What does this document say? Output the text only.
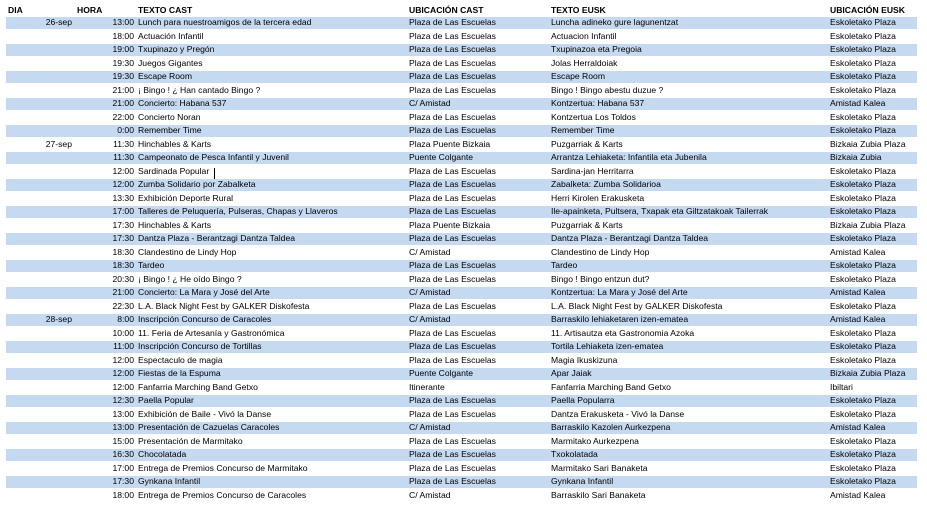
DIA	HORA	TEXTO CAST	UBICACIÓN CAST	TEXTO EUSK	UBICACIÓN EUSK
26-sep	13:00 Lunch para nuestroamigos de la tercera edad	Plaza de Las Escuelas	Luncha adineko gure lagunentzat	Eskoletako Plaza
18:00 Actuación Infantil	Plaza de Las Escuelas	Actuacion Infantil	Eskoletako Plaza
19:00 Txupinazo y Pregón	Plaza de Las Escuelas	Txupinazoa eta Pregoia	Eskoletako Plaza
19:30 Juegos Gigantes	Plaza de Las Escuelas	Jolas Herraldoiak	Eskoletako Plaza
19:30 Escape Room	Plaza de Las Escuelas	Escape Room	Eskoletako Plaza
21:00 ¡ Bingo ! ¿ Han cantado Bingo ?	Plaza de Las Escuelas	Bingo ! Bingo abestu duzue ?	Eskoletako Plaza
21:00 Concierto: Habana 537	C/ Amistad	Kontzertua: Habana 537	Amistad Kalea
22:00 Concierto Noran	Plaza de Las Escuelas	Kontzertua Los Toldos	Eskoletako Plaza
0:00 Remember Time	Plaza de Las Escuelas	Remember Time	Eskoletako Plaza
27-sep	11:30 Hinchables & Karts	Plaza Puente Bizkaia	Puzgarriak & Karts	Bizkaia Zubia Plaza
11:30 Campeonato de Pesca Infantil y Juvenil	Puente Colgante	Arrantza Lehiaketa: Infantila eta Jubenila	Bizkaia Zubia
12:00 Sardinada Popular	Plaza de Las Escuelas	Sardina-jan Herritarra	Eskoletako Plaza
12:00 Zumba Solidario por Zabalketa	Plaza de Las Escuelas	Zabalketa: Zumba Solidarioa	Eskoletako Plaza
13:30 Exhibición Deporte Rural	Plaza de Las Escuelas	Herri Kirolen Erakusketa	Eskoletako Plaza
17:00 Talleres de Peluquería, Pulseras, Chapas y Llaveros	Plaza de Las Escuelas	Ile-apainketa, Pultsera, Txapak eta Giltzatakoak Tailerrak	Eskoletako Plaza
17:30 Hinchables & Karts	Plaza Puente Bizkaia	Puzgarriak & Karts	Bizkaia Zubia Plaza
17:30 Dantza Plaza - Berantzagi Dantza Taldea	Plaza de Las Escuelas	Dantza Plaza - Berantzagi Dantza Taldea	Eskoletako Plaza
18:30 Clandestino de Lindy Hop	C/ Amistad	Clandestino de Lindy Hop	Amistad Kalea
18:30 Tardeo	Plaza de Las Escuelas	Tardeo	Eskoletako Plaza
20:30 ¡ Bingo ! ¿ He oído Bingo ?	Plaza de Las Escuelas	Bingo ! Bingo entzun dut?	Eskoletako Plaza
21:00 Concierto: La Mara y José del Arte	C/ Amistad	Kontzertua: La Mara y José del Arte	Amistad Kalea
22:30 L.A. Black Night Fest by GALKER Diskofesta	Plaza de Las Escuelas	L.A. Black Night Fest by GALKER Diskofesta	Eskoletako Plaza
28-sep	8:00 Inscripción Concurso de Caracoles	C/ Amistad	Barraskilo lehiaketaren izen-ematea	Amistad Kalea
10:00 11. Feria de Artesanía y Gastronómica	Plaza de Las Escuelas	11. Artisautza eta Gastronomia Azoka	Eskoletako Plaza
11:00 Inscripción Concurso de Tortillas	Plaza de Las Escuelas	Tortila Lehiaketa izen-ematea	Eskoletako Plaza
12:00 Espectaculo de magia	Plaza de Las Escuelas	Magia Ikuskizuna	Eskoletako Plaza
12:00 Fiestas de la Espuma	Puente Colgante	Apar Jaiak	Bizkaia Zubia Plaza
12:00 Fanfarria Marching Band Getxo	Itinerante	Fanfarria Marching Band Getxo	Ibiltari
12:30 Paella Popular	Plaza de Las Escuelas	Paella Popularra	Eskoletako Plaza
13:00 Exhibición de Baile - Vivó la Danse	Plaza de Las Escuelas	Dantza Erakusketa - Vivó la Danse	Eskoletako Plaza
13:00 Presentación de Cazuelas Caracoles	C/ Amistad	Barraskilo Kazolen Aurkezpena	Amistad Kalea
15:00 Presentación de Marmitako	Plaza de Las Escuelas	Marmitako Aurkezpena	Eskoletako Plaza
16:30 Chocolatada	Plaza de Las Escuelas	Txokolatada	Eskoletako Plaza
17:00 Entrega de Premios Concurso de Marmitako	Plaza de Las Escuelas	Marmitako Sari Banaketa	Eskoletako Plaza
17:30 Gynkana Infantil	Plaza de Las Escuelas	Gynkana Infantil	Eskoletako Plaza
18:00 Entrega de Premios Concurso de Caracoles	C/ Amistad	Barraskilo Sari Banaketa	Amistad Kalea
